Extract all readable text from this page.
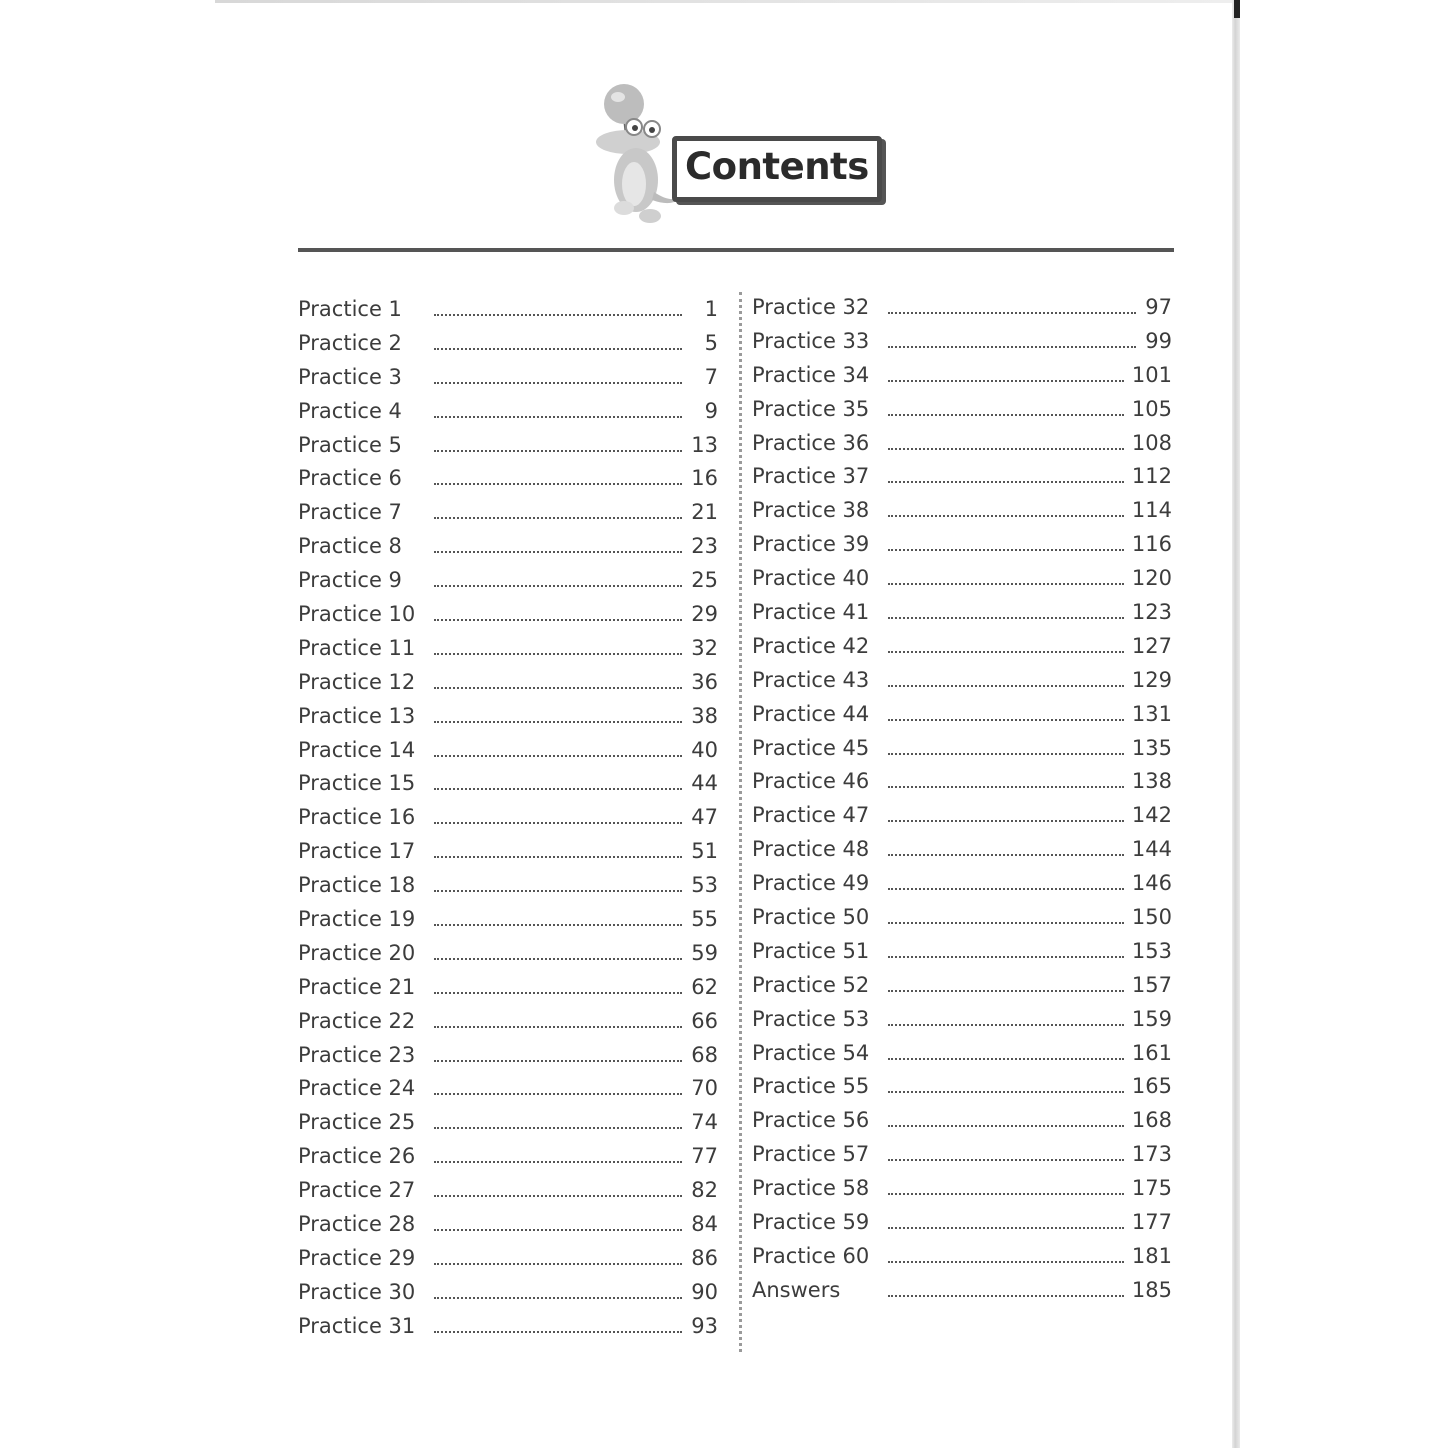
Contents
Practice 1	1
Practice 2	5
Practice 3	7
Practice 4	9
Practice 5	13
Practice 6	16
Practice 7	21
Practice 8	23
Practice 9	25
Practice 10	29
Practice 11	32
Practice 12	36
Practice 13	38
Practice 14	40
Practice 15	44
Practice 16	47
Practice 17	51
Practice 18	53
Practice 19	55
Practice 20	59
Practice 21	62
Practice 22	66
Practice 23	68
Practice 24	70
Practice 25	74
Practice 26	77
Practice 27	82
Practice 28	84
Practice 29	86
Practice 30	90
Practice 31	93
Practice 32	97
Practice 33	99
Practice 34	101
Practice 35	105
Practice 36	108
Practice 37	112
Practice 38	114
Practice 39	116
Practice 40	120
Practice 41	123
Practice 42	127
Practice 43	129
Practice 44	131
Practice 45	135
Practice 46	138
Practice 47	142
Practice 48	144
Practice 49	146
Practice 50	150
Practice 51	153
Practice 52	157
Practice 53	159
Practice 54	161
Practice 55	165
Practice 56	168
Practice 57	173
Practice 58	175
Practice 59	177
Practice 60	181
Answers	185
